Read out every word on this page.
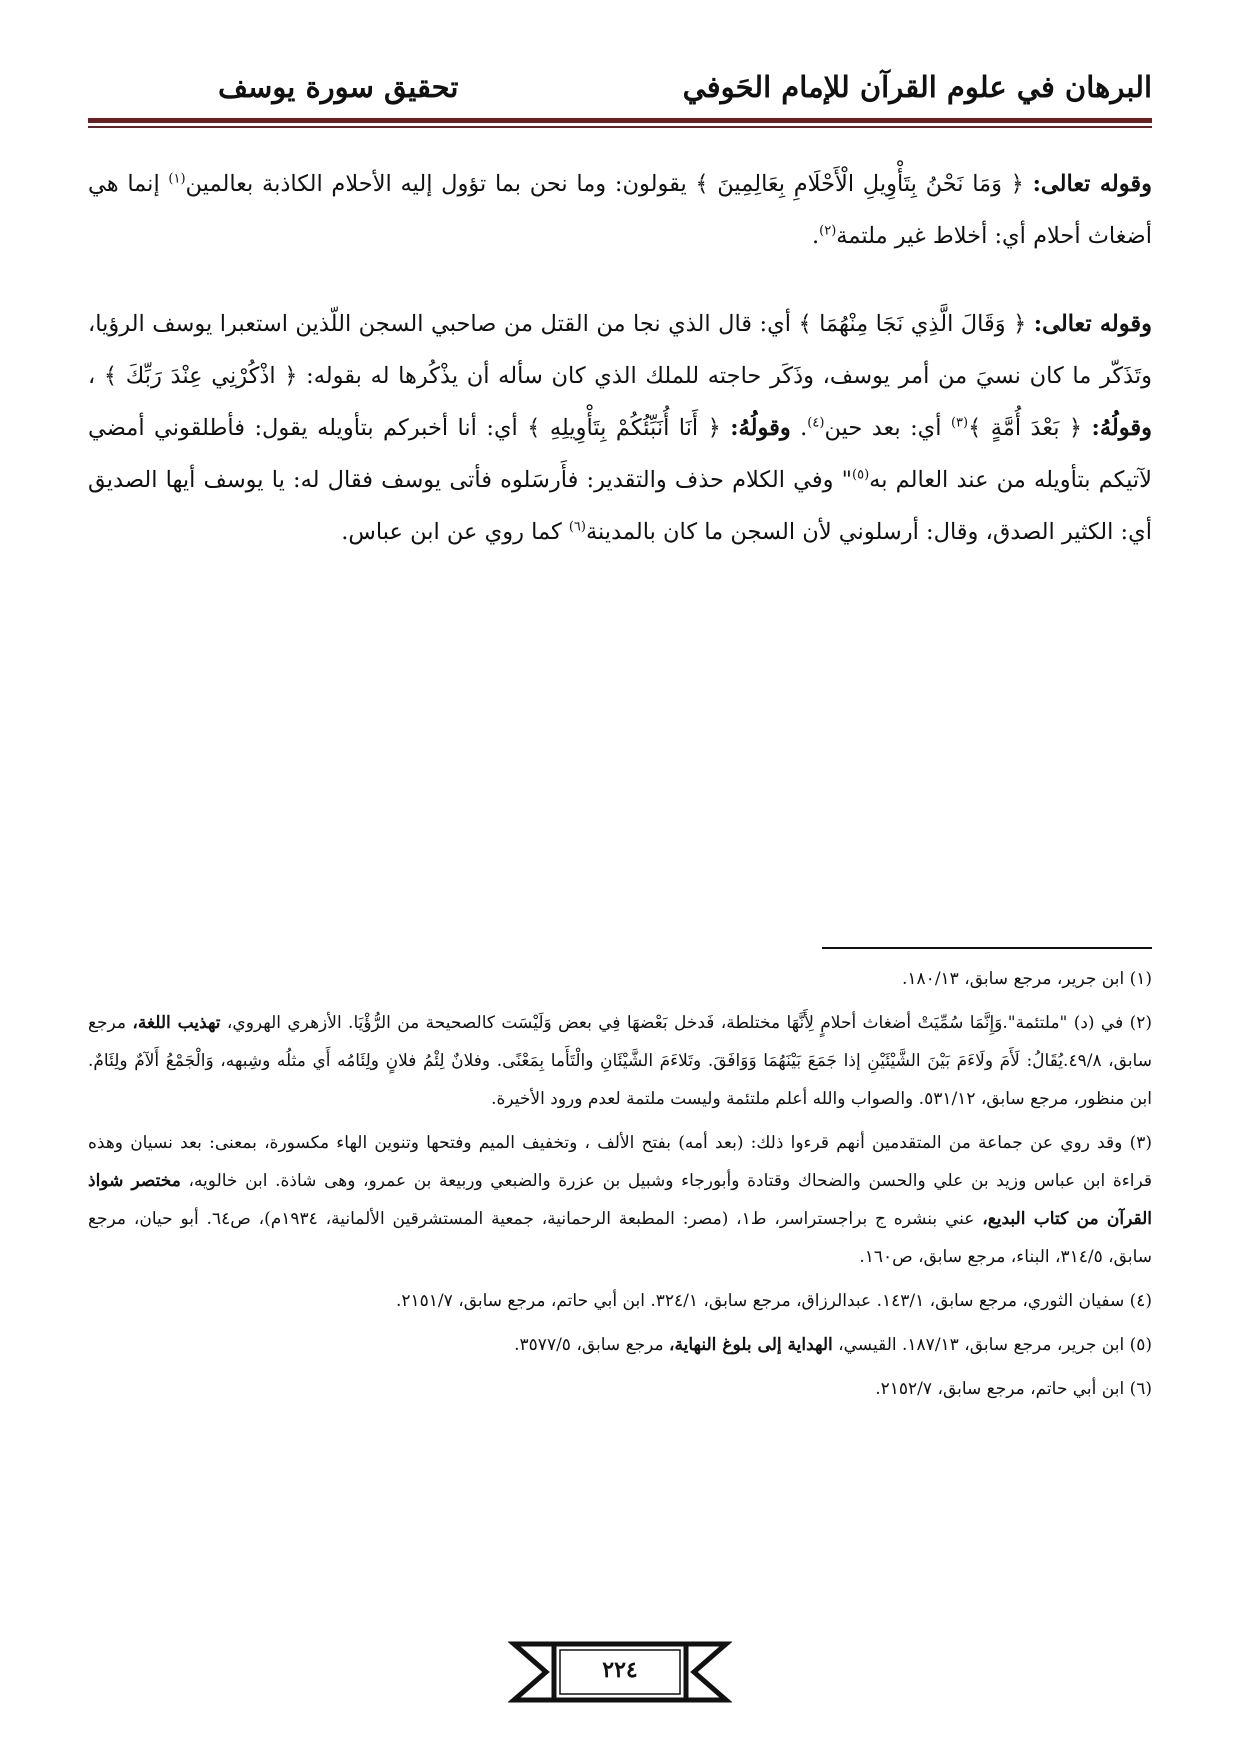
البرهان في علوم القرآن للإمام الحَوفي
تحقيق سورة يوسف

وقوله تعالى: ﴿ وَمَا نَحْنُ بِتَأْوِيلِ الْأَحْلَامِ بِعَالِمِينَ ﴾ يقولون: وما نحن بما تؤول إليه الأحلام الكاذبة بعالمين$^{(١)}$ إنما هي أضغاث أحلام أي: أخلاط غير ملتمة$^{(٢)}$.

وقوله تعالى: ﴿ وَقَالَ الَّذِي نَجَا مِنْهُمَا ﴾ أي: قال الذي نجا من القتل من صاحبي السجن اللّذين استعبرا يوسف الرؤيا، وتَذَكّر ما كان نسيَ من أمر يوسف، وذَكَر حاجته للملك الذي كان سأله أن يذْكُرها له بقوله: ﴿ اذْكُرْنِي عِنْدَ رَبِّكَ ﴾ ، وقولُهُ: ﴿ بَعْدَ أُمَّةٍ ﴾$^{(٣)}$ أي: بعد حين$^{(٤)}$. وقولُهُ: ﴿ أَنَا أُنَبِّئُكُمْ بِتَأْوِيلِهِ ﴾ أي: أنا أخبركم بتأويله يقول: فأطلقوني أمضي لآتيكم بتأويله من عند العالم به$^{(٥)}$" وفي الكلام حذف والتقدير: فأَرسَلوه فأتى يوسف فقال له: يا يوسف أيها الصديق أي: الكثير الصدق، وقال: أرسلوني لأن السجن ما كان بالمدينة$^{(٦)}$ كما روي عن ابن عباس.

(١) ابن جرير، مرجع سابق، ١٨٠/١٣.

(٢) في (د) "ملتئمة".وَإِنَّمَا سُمِّيَتْ أضغاث أحلامٍ لِأَنَّهَا مختلطة، فَدخل بَعْضهَا فِي بعض وَلَيْسَت كالصحيحة من الرُّؤْيَا. الأزهري الهروي، تهذيب اللغة، مرجع سابق، ٤٩/٨.يُقَالُ: لَأَمَ ولَاءَمَ بَيْنَ الشَّيْئَيْنِ إذا جَمَعَ بَيْنَهُمَا وَوَافَقَ. وتَلاءَمَ الشَّيْئَانِ والْتَأَما بِمَعْنًى. وفلانٌ لِئْمُ فلانٍ ولِئَامُه أَي مثلُه وشِبهه، وَالْجَمْعُ أَلآمٌ ولِئَامٌ. ابن منظور، مرجع سابق، ٥٣١/١٢. والصواب والله أعلم ملتئمة وليست ملتمة لعدم ورود الأخيرة.

(٣) وقد روي عن جماعة من المتقدمين أنهم قرءوا ذلك: (بعد أمه) بفتح الألف ، وتخفيف الميم وفتحها وتنوين الهاء مكسورة، بمعنى: بعد نسيان وهذه قراءة ابن عباس وزيد بن علي والحسن والضحاك وقتادة وأبورجاء وشبيل بن عزرة والضبعي وربيعة بن عمرو، وهى شاذة. ابن خالويه، مختصر شواذ القرآن من كتاب البديع، عني بنشره ج براجستراسر، ط١، (مصر: المطبعة الرحمانية، جمعية المستشرقين الألمانية، ١٩٣٤م)، ص٦٤. أبو حيان، مرجع سابق، ٣١٤/٥، البناء، مرجع سابق، ص١٦٠.

(٤) سفيان الثوري، مرجع سابق، ١٤٣/١. عبدالرزاق، مرجع سابق، ٣٢٤/١. ابن أبي حاتم، مرجع سابق، ٢١٥١/٧.

(٥) ابن جرير، مرجع سابق، ١٨٧/١٣. القيسي، الهداية إلى بلوغ النهاية، مرجع سابق، ٣٥٧٧/٥.

(٦) ابن أبي حاتم، مرجع سابق، ٢١٥٢/٧.

٢٢٤
